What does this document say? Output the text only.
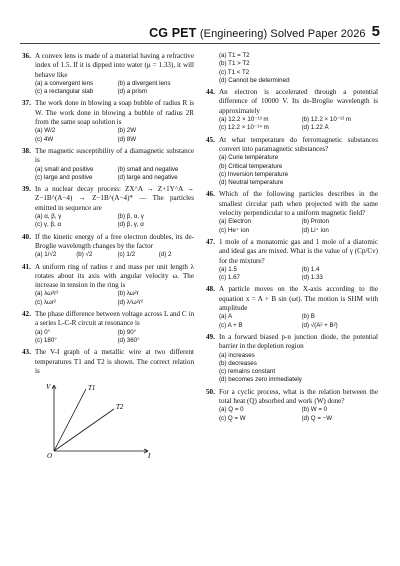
CG PET (Engineering) Solved Paper 2026 5
36. A convex lens is made of a material having a refractive index of 1.5. If it is dipped into water (μ = 1.33), it will behave like
(a) a convergent lens	(b) a divergent lens
(c) a rectangular slab	(d) a prism
37. The work done in blowing a soap bubble of radius R is W. The work done in blowing a bubble of radius 2R from the same soap solution is
(a) W/2	(b) 2W
(c) 4W	(d) 8W
38. The magnetic susceptibility of a diamagnetic substance is
(a) small and positive	(b) small and negative
(c) large and positive	(d) large and negative
39. In a nuclear decay process: ZX^A → Z+1Y^A → Z−1B^(A−4) → Z−1B^(A−4)* — The particles emitted in sequence are
(a) α, β, γ	(b) β, α, γ
(c) γ, β, α	(d) β, γ, α
40. If the kinetic energy of a free electron doubles, its de-Broglie wavelength changes by the factor
(a) 1/√2	(b) √2	(c) 1/2	(d) 2
41. A uniform ring of radius r and mass per unit length λ rotates about its axis with angular velocity ω. The increase in tension in the ring is
(a) λω²r²	(b) λω²r
(c) λωr²	(d) λ²ω²r²
42. The phase difference between voltage across L and C in a series L-C-R circuit at resonance is
(a) 0°	(b) 90°
(c) 180°	(d) 360°
43. The V-I graph of a metallic wire at two different temperatures T1 and T2 is shown. The correct relation is
V
I
O
T1
T2
(a) T1 = T2
(b) T1 > T2
(c) T1 < T2
(d) Cannot be determined
44. An electron is accelerated through a potential difference of 10000 V. Its de-Broglie wavelength is approximately
(a) 12.2 × 10⁻¹³ m	(b) 12.2 × 10⁻¹² m
(c) 12.2 × 10⁻¹⁴ m	(d) 1.22 Å
45. At what temperature do ferromagnetic substances convert into paramagnetic substances?
(a) Curie temperature
(b) Critical temperature
(c) Inversion temperature
(d) Neutral temperature
46. Which of the following particles describes in the smallest circular path when projected with the same velocity perpendicular to a uniform magnetic field?
(a) Electron	(b) Proton
(c) He⁺ ion	(d) Li⁺ ion
47. 1 mole of a monatomic gas and 1 mole of a diatomic and ideal gas are mixed. What is the value of γ (Cp/Cv) for the mixture?
(a) 1.5	(b) 1.4
(c) 1.67	(d) 1.33
48. A particle moves on the X-axis according to the equation x = A + B sin (ωt). The motion is SHM with amplitude
(a) A	(b) B
(c) A + B	(d) √(A² + B²)
49. In a forward biased p-n junction diode, the potential barrier in the depletion region
(a) increases
(b) decreases
(c) remains constant
(d) becomes zero immediately
50. For a cyclic process, what is the relation between the total heat (Q) absorbed and work (W) done?
(a) Q = 0	(b) W = 0
(c) Q = W	(d) Q = −W
